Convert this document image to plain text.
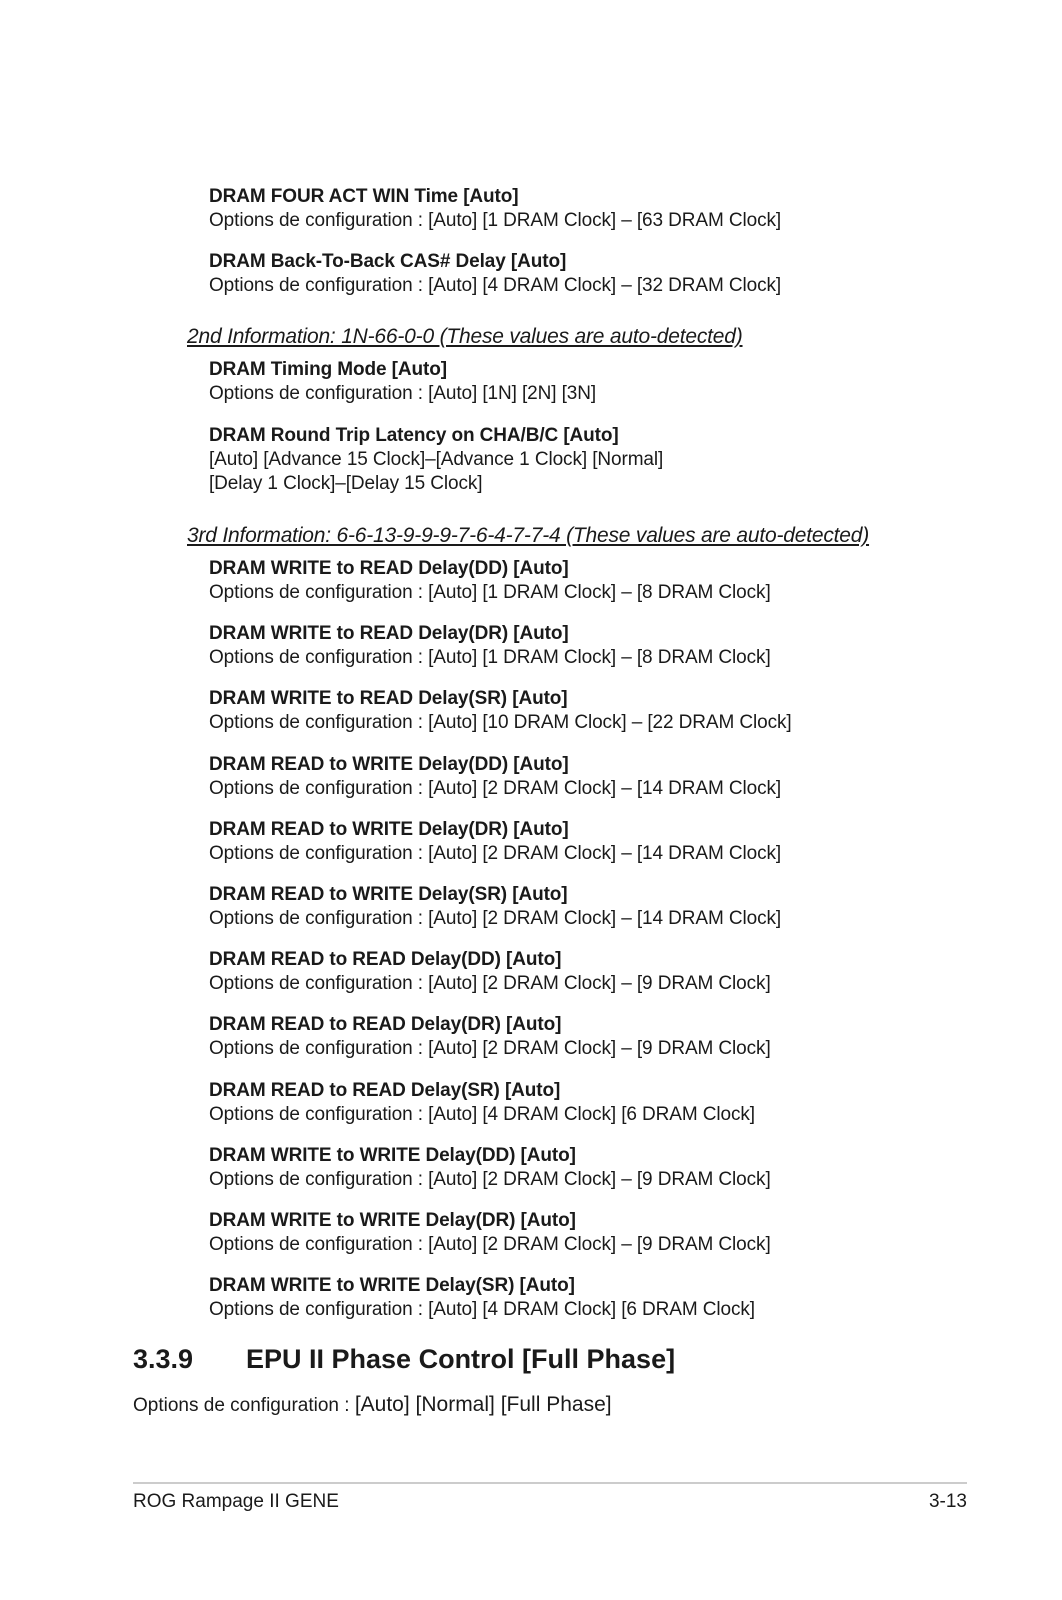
DRAM FOUR ACT WIN Time [Auto]
Options de configuration : [Auto] [1 DRAM Clock] – [63 DRAM Clock]
DRAM Back-To-Back CAS# Delay [Auto]
Options de configuration : [Auto] [4 DRAM Clock] – [32 DRAM Clock]
2nd Information: 1N-66-0-0 (These values are auto-detected)
DRAM Timing Mode [Auto]
Options de configuration : [Auto] [1N] [2N] [3N]
DRAM Round Trip Latency on CHA/B/C [Auto]
[Auto] [Advance 15 Clock]–[Advance 1 Clock] [Normal]
[Delay 1 Clock]–[Delay 15 Clock]
3rd Information: 6-6-13-9-9-9-7-6-4-7-7-4 (These values are auto-detected)
DRAM WRITE to READ Delay(DD) [Auto]
Options de configuration : [Auto] [1 DRAM Clock] – [8 DRAM Clock]
DRAM WRITE to READ Delay(DR) [Auto]
Options de configuration : [Auto] [1 DRAM Clock] – [8 DRAM Clock]
DRAM WRITE to READ Delay(SR) [Auto]
Options de configuration : [Auto] [10 DRAM Clock] – [22 DRAM Clock]
DRAM READ to WRITE Delay(DD) [Auto]
Options de configuration : [Auto] [2 DRAM Clock] – [14 DRAM Clock]
DRAM READ to WRITE Delay(DR) [Auto]
Options de configuration : [Auto] [2 DRAM Clock] – [14 DRAM Clock]
DRAM READ to WRITE Delay(SR) [Auto]
Options de configuration : [Auto] [2 DRAM Clock] – [14 DRAM Clock]
DRAM READ to READ Delay(DD) [Auto]
Options de configuration : [Auto] [2 DRAM Clock] – [9 DRAM Clock]
DRAM READ to READ Delay(DR) [Auto]
Options de configuration : [Auto] [2 DRAM Clock] – [9 DRAM Clock]
DRAM READ to READ Delay(SR) [Auto]
Options de configuration : [Auto] [4 DRAM Clock] [6 DRAM Clock]
DRAM WRITE to WRITE Delay(DD) [Auto]
Options de configuration : [Auto] [2 DRAM Clock] – [9 DRAM Clock]
DRAM WRITE to WRITE Delay(DR) [Auto]
Options de configuration : [Auto] [2 DRAM Clock] – [9 DRAM Clock]
DRAM WRITE to WRITE Delay(SR) [Auto]
Options de configuration : [Auto] [4 DRAM Clock] [6 DRAM Clock]
3.3.9 EPU II Phase Control [Full Phase]
Options de configuration : [Auto] [Normal] [Full Phase]
ROG Rampage II GENE	3-13
